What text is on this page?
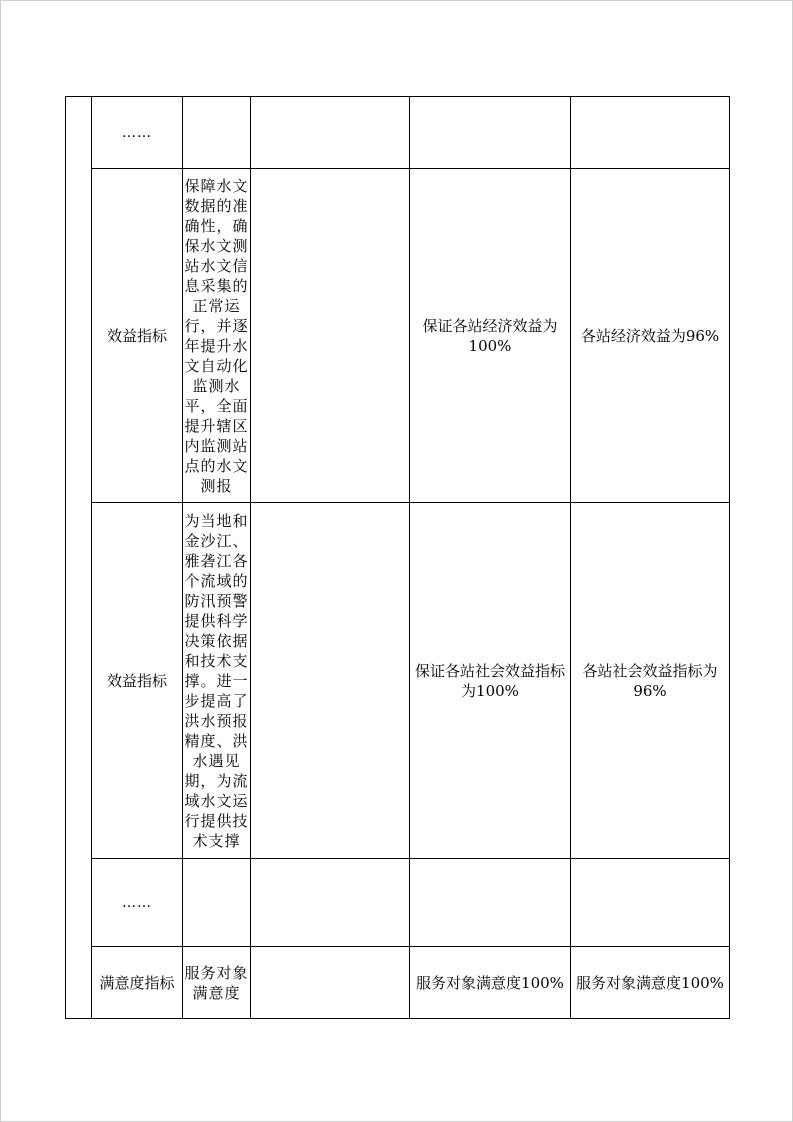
	……	

	效益指标	保障水文数据的准确性，确保水文测站水文信息采集的正常运行，并逐年提升水文自动化监测水平，全面提升辖区内监测站点的水文测报		保证各站经济效益为100%	各站经济效益为96%

	效益指标	为当地和金沙江、雅砻江各个流域的防汛预警提供科学决策依据和技术支撑。进一步提高了洪水预报精度、洪水遇见期，为流域水文运行提供技术支撑		保证各站社会效益指标为100%	各站社会效益指标为96%

	……	

	满意度指标	服务对象满意度		服务对象满意度100%	服务对象满意度100%
